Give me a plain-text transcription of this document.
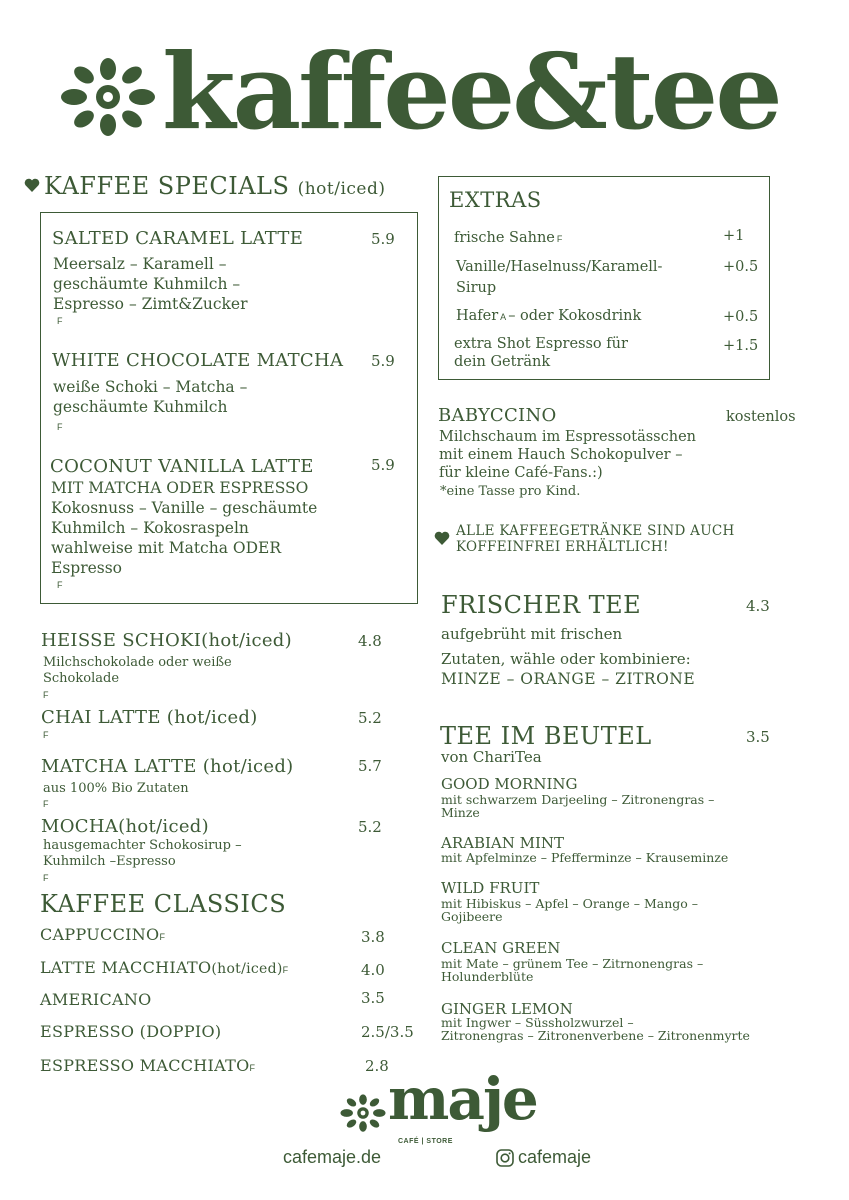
kaffee&tee
KAFFEE SPECIALS (hot/iced)
SALTED CARAMEL LATTE	5.9
Meersalz – Karamell –
geschäumte Kuhmilch –
Espresso – Zimt&Zucker
F
WHITE CHOCOLATE MATCHA 5.9
weiße Schoki – Matcha –
geschäumte Kuhmilch
F
COCONUT VANILLA LATTE	5.9
MIT MATCHA ODER ESPRESSO
Kokosnuss – Vanille – geschäumte
Kuhmilch – Kokosraspeln
wahlweise mit Matcha ODER
Espresso
F
HEISSE SCHOKI(hot/iced)	4.8
Milchschokolade oder weiße
Schokolade
F
CHAI LATTE (hot/iced)	5.2
F
MATCHA LATTE (hot/iced)	5.7
aus 100% Bio Zutaten
F
MOCHA(hot/iced)	5.2
hausgemachter Schokosirup –
Kuhmilch –Espresso
F
KAFFEE CLASSICS
CAPPUCCINOF	3.8
LATTE MACCHIATO(hot/iced)F	4.0
AMERICANO	3.5
ESPRESSO (DOPPIO)	2.5/3.5
ESPRESSO MACCHIATOF	2.8
EXTRAS
frische Sahne F	+1
Vanille/Haselnuss/Karamell-
Sirup
+0.5
Hafer A – oder Kokosdrink	+0.5
extra Shot Espresso für
dein Getränk
+1.5
BABYCCINO	kostenlos
Milchschaum im Espressotässchen
mit einem Hauch Schokopulver –
für kleine Café-Fans.:)
*eine Tasse pro Kind.
ALLE KAFFEEGETRÄNKE SIND AUCH
KOFFEINFREI ERHÄLTLICH!
FRISCHER TEE	4.3
aufgebrüht mit frischen
Zutaten, wähle oder kombiniere:
MINZE – ORANGE – ZITRONE
TEE IM BEUTEL	3.5
von ChariTea
GOOD MORNING
mit schwarzem Darjeeling – Zitronengras –
Minze
ARABIAN MINT
mit Apfelminze – Pfefferminze – Krauseminze
WILD FRUIT
mit Hibiskus – Apfel – Orange – Mango –
Gojibeere
CLEAN GREEN
mit Mate – grünem Tee – Zitrnonengras –
Holunderblüte
GINGER LEMON
mit Ingwer – Süssholzwurzel –
Zitronengras – Zitronenverbene – Zitronenmyrte
maje
CAFÉ | STORE
cafemaje.de	cafemaje
